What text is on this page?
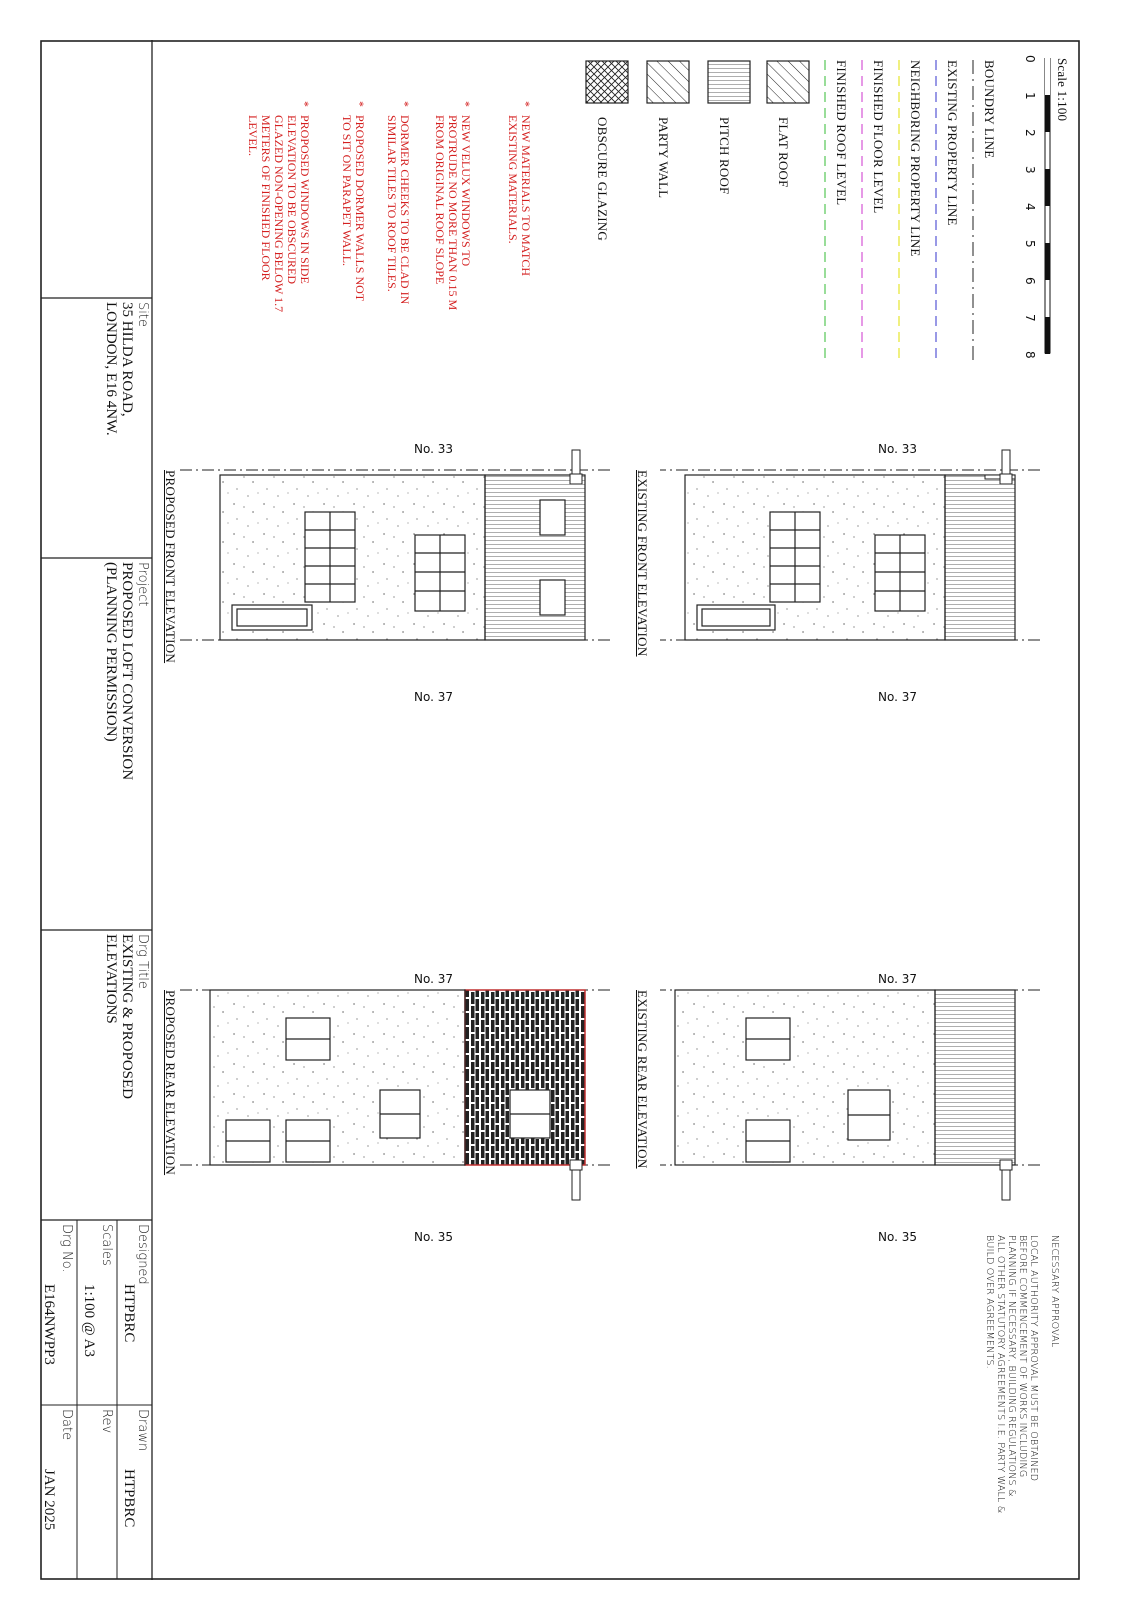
Scale 1:100
0
1
2
3
4
5
6
7
8
BOUNDRY LINE
EXISTING PROPERTY LINE
NEIGHBORING PROPERTY LINE
FINISHED FLOOR LEVEL
FINISHED ROOF LEVEL
FLAT ROOF
PITCH ROOF
PARTY WALL
OBSCURE GLAZING
*
NEW MATERIALS TO MATCH EXISTING MATERIALS.
*
NEW VELUX WINDOWS TO PROTRUDE NO MORE THAN 0.15 M FROM ORIGINAL ROOF SLOPE
*
DORMER CHEEKS TO BE CLAD IN SIMILAR TILES TO ROOF TILES.
*
PROPOSED DORMER WALLS NOT TO SIT ON PARAPET WALL.
*
PROPOSED WINDOWS IN SIDE ELEVATION TO BE OBSCURED GLAZED NON-OPENING BELOW 1.7 METERS OF FINISHED FLOOR LEVEL.
No. 33
No. 37
EXISTING FRONT ELEVATION
No. 33
No. 37
PROPOSED FRONT ELEVATION
No. 37
No. 35
EXISTING REAR ELEVATION
No. 37
No. 35
PROPOSED REAR ELEVATION
NECESSARY APPROVAL
LOCAL AUTHORITY APPROVAL MUST BE OBTAINED
BEFORE COMMENCEMENT OF WORKS INCLUDING
PLANNING IF NECESSARY, BUILDING REGULATIONS &
ALL OTHER STATUTORY AGREEMENTS I.E. PARTY WALL &
BUILD OVER AGREEMENTS.
Site
35 HILDA ROAD,
LONDON, E16 4NW.
Project
PROPOSED LOFT CONVERSION
(PLANNING PERMISSION)
Drg Title
EXISTING & PROPOSED
ELEVATIONS
Designed
HTPBRC
Drawn
HTPBRC
Scales
1:100 @ A3
Rev
Drg No.
E164NWPP3
Date
JAN 2025
